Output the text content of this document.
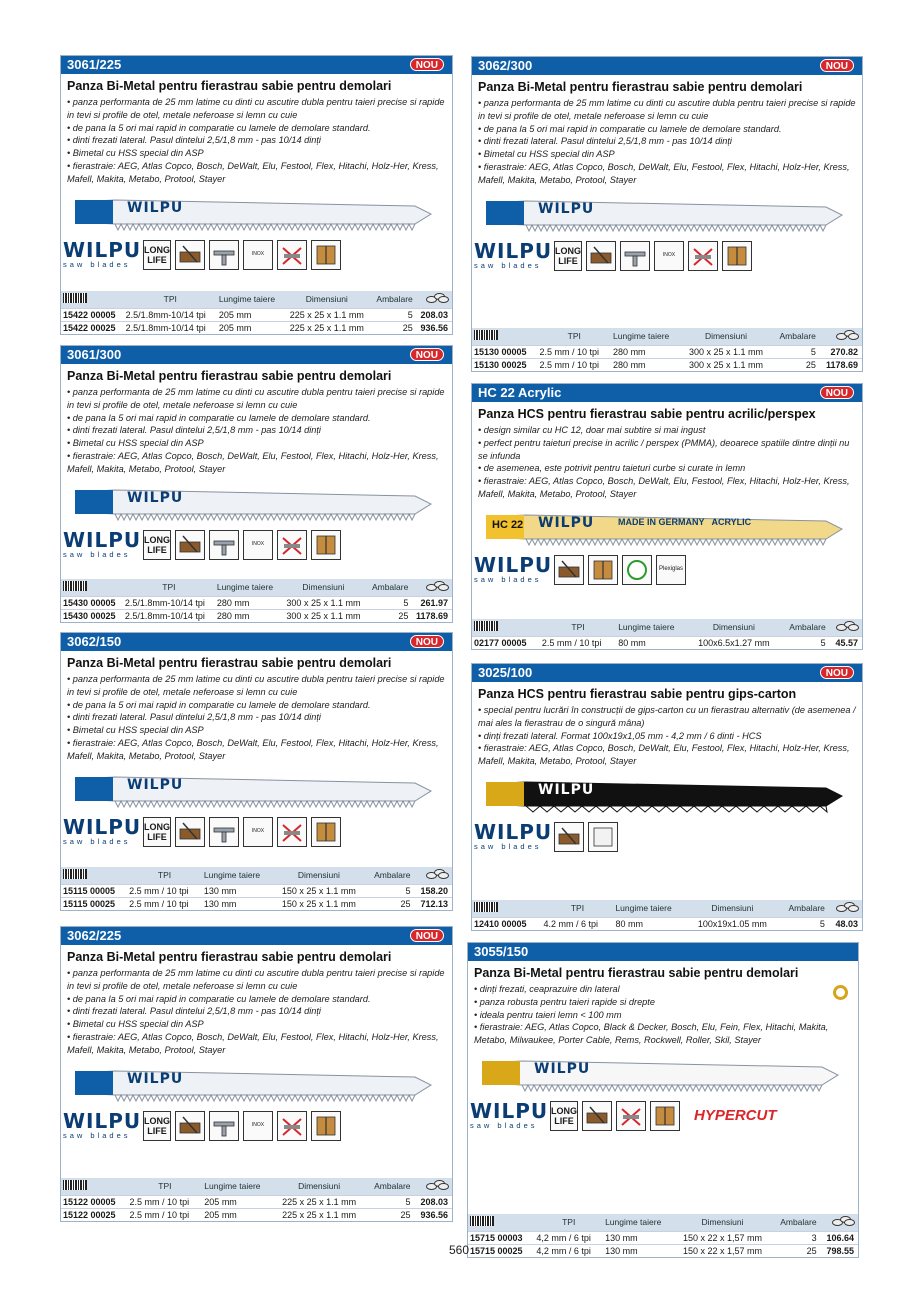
3061/225	NOU
Panza Bi-Metal pentru fierastrau sabie pentru demolari
• panza performanta de 25 mm latime cu dinti cu ascutire dubla pentru taieri precise si rapide in tevi si profile de otel, metale neferoase si lemn cu cuie
• de pana la 5 ori mai rapid in comparatie cu lamele de demolare standard.
• dinti frezati lateral. Pasul dintelui 2,5/1,8 mm - pas 10/14 dinți
• Bimetal cu HSS special din ASP
• fierastraie: AEG, Atlas Copco, Bosch, DeWalt, Elu, Festool, Flex, Hitachi, Holz-Her, Kress, Mafell, Makita, Metabo, Protool, Stayer
WILPU
WILPU
saw blades
LONG LIFE
INOX
	TPI	Lungime taiere	Dimensiuni	Ambalare	

15422 00005	2.5/1.8mm-10/14 tpi	205 mm	225 x 25 x 1.1 mm	5	208.03
15422 00025	2.5/1.8mm-10/14 tpi	205 mm	225 x 25 x 1.1 mm	25	936.56
3061/300	NOU
Panza Bi-Metal pentru fierastrau sabie pentru demolari
• panza performanta de 25 mm latime cu dinti cu ascutire dubla pentru taieri precise si rapide in tevi si profile de otel, metale neferoase si lemn cu cuie
• de pana la 5 ori mai rapid in comparatie cu lamele de demolare standard.
• dinti frezati lateral. Pasul dintelui 2,5/1,8 mm - pas 10/14 dinți
• Bimetal cu HSS special din ASP
• fierastraie: AEG, Atlas Copco, Bosch, DeWalt, Elu, Festool, Flex, Hitachi, Holz-Her, Kress, Mafell, Makita, Metabo, Protool, Stayer
WILPU
WILPU
saw blades
LONG LIFE
INOX
	TPI	Lungime taiere	Dimensiuni	Ambalare	

15430 00005	2.5/1.8mm-10/14 tpi	280 mm	300 x 25 x 1.1 mm	5	261.97
15430 00025	2.5/1.8mm-10/14 tpi	280 mm	300 x 25 x 1.1 mm	25	1178.69
3062/150	NOU
Panza Bi-Metal pentru fierastrau sabie pentru demolari
• panza performanta de 25 mm latime cu dinti cu ascutire dubla pentru taieri precise si rapide in tevi si profile de otel, metale neferoase si lemn cu cuie
• de pana la 5 ori mai rapid in comparatie cu lamele de demolare standard.
• dinti frezati lateral. Pasul dintelui 2,5/1,8 mm - pas 10/14 dinți
• Bimetal cu HSS special din ASP
• fierastraie: AEG, Atlas Copco, Bosch, DeWalt, Elu, Festool, Flex, Hitachi, Holz-Her, Kress, Mafell, Makita, Metabo, Protool, Stayer
WILPU
WILPU
saw blades
LONG LIFE
INOX
	TPI	Lungime taiere	Dimensiuni	Ambalare	

15115 00005	2.5 mm / 10 tpi	130 mm	150 x 25 x 1.1 mm	5	158.20
15115 00025	2.5 mm / 10 tpi	130 mm	150 x 25 x 1.1 mm	25	712.13
3062/225	NOU
Panza Bi-Metal pentru fierastrau sabie pentru demolari
• panza performanta de 25 mm latime cu dinti cu ascutire dubla pentru taieri precise si rapide in tevi si profile de otel, metale neferoase si lemn cu cuie
• de pana la 5 ori mai rapid in comparatie cu lamele de demolare standard.
• dinti frezati lateral. Pasul dintelui 2,5/1,8 mm - pas 10/14 dinți
• Bimetal cu HSS special din ASP
• fierastraie: AEG, Atlas Copco, Bosch, DeWalt, Elu, Festool, Flex, Hitachi, Holz-Her, Kress, Mafell, Makita, Metabo, Protool, Stayer
WILPU
WILPU
saw blades
LONG LIFE
INOX
	TPI	Lungime taiere	Dimensiuni	Ambalare	

15122 00005	2.5 mm / 10 tpi	205 mm	225 x 25 x 1.1 mm	5	208.03
15122 00025	2.5 mm / 10 tpi	205 mm	225 x 25 x 1.1 mm	25	936.56
3062/300	NOU
Panza Bi-Metal pentru fierastrau sabie pentru demolari
• panza performanta de 25 mm latime cu dinti cu ascutire dubla pentru taieri precise si rapide in tevi si profile de otel, metale neferoase si lemn cu cuie
• de pana la 5 ori mai rapid in comparatie cu lamele de demolare standard.
• dinti frezati lateral. Pasul dintelui 2,5/1,8 mm - pas 10/14 dinți
• Bimetal cu HSS special din ASP
• fierastraie: AEG, Atlas Copco, Bosch, DeWalt, Elu, Festool, Flex, Hitachi, Holz-Her, Kress, Mafell, Makita, Metabo, Protool, Stayer
WILPU
WILPU
saw blades
LONG LIFE
INOX
	TPI	Lungime taiere	Dimensiuni	Ambalare	

15130 00005	2.5 mm / 10 tpi	280 mm	300 x 25 x 1.1 mm	5	270.82
15130 00025	2.5 mm / 10 tpi	280 mm	300 x 25 x 1.1 mm	25	1178.69
HC 22 Acrylic	NOU
Panza HCS pentru fierastrau sabie pentru acrilic/perspex
• design similar cu HC 12, doar mai subtire si mai ingust
• perfect pentru taieturi precise in acrilic / perspex (PMMA), deoarece spatiile dintre dinții nu se infunda
• de asemenea, este potrivit pentru taieturi curbe si curate in lemn
• fierastraie: AEG, Atlas Copco, Bosch, DeWalt, Elu, Festool, Flex, Hitachi, Holz-Her, Kress, Mafell, Makita, Metabo, Protool, Stayer
WILPU
HC 22	MADE IN GERMANY   ACRYLIC
WILPU
saw blades
Plexiglas
	TPI	Lungime taiere	Dimensiuni	Ambalare	

02177 00005	2.5 mm / 10 tpi	80 mm	100x6.5x1.27 mm	5	45.57
3025/100	NOU
Panza HCS pentru fierastrau sabie pentru gips-carton
• special pentru lucrări în construcții de gips-carton cu un fierastrau alternativ (de asemenea / mai ales la fierastrau de o singură mâna)
• dinți frezati lateral. Format 100x19x1,05 mm - 4,2 mm / 6 dinti - HCS
• fierastraie: AEG, Atlas Copco, Bosch, DeWalt, Elu, Festool, Flex, Hitachi, Holz-Her, Kress, Mafell, Makita, Metabo, Protool, Stayer
WILPU
WILPU
saw blades
	TPI	Lungime taiere	Dimensiuni	Ambalare	

12410 00005	4.2 mm / 6 tpi	80 mm	100x19x1.05 mm	5	48.03
3055/150
Panza Bi-Metal pentru fierastrau sabie pentru demolari
• dinți frezati, ceaprazuire din lateral
• panza robusta pentru taieri rapide si drepte
• ideala pentru taieri lemn < 100 mm
• fierastraie: AEG, Atlas Copco, Black & Decker, Bosch, Elu, Fein, Flex, Hitachi, Makita, Metabo, Milwaukee, Porter Cable, Rems, Rockwell, Roller, Skil, Stayer
WILPU
WILPU
saw blades
LONG LIFE	HYPERCUT
	TPI	Lungime taiere	Dimensiuni	Ambalare	

15715 00003	4,2 mm / 6 tpi	130 mm	150 x 22 x 1,57 mm	3	106.64
15715 00025	4,2 mm / 6 tpi	130 mm	150 x 22 x 1,57 mm	25	798.55
560
